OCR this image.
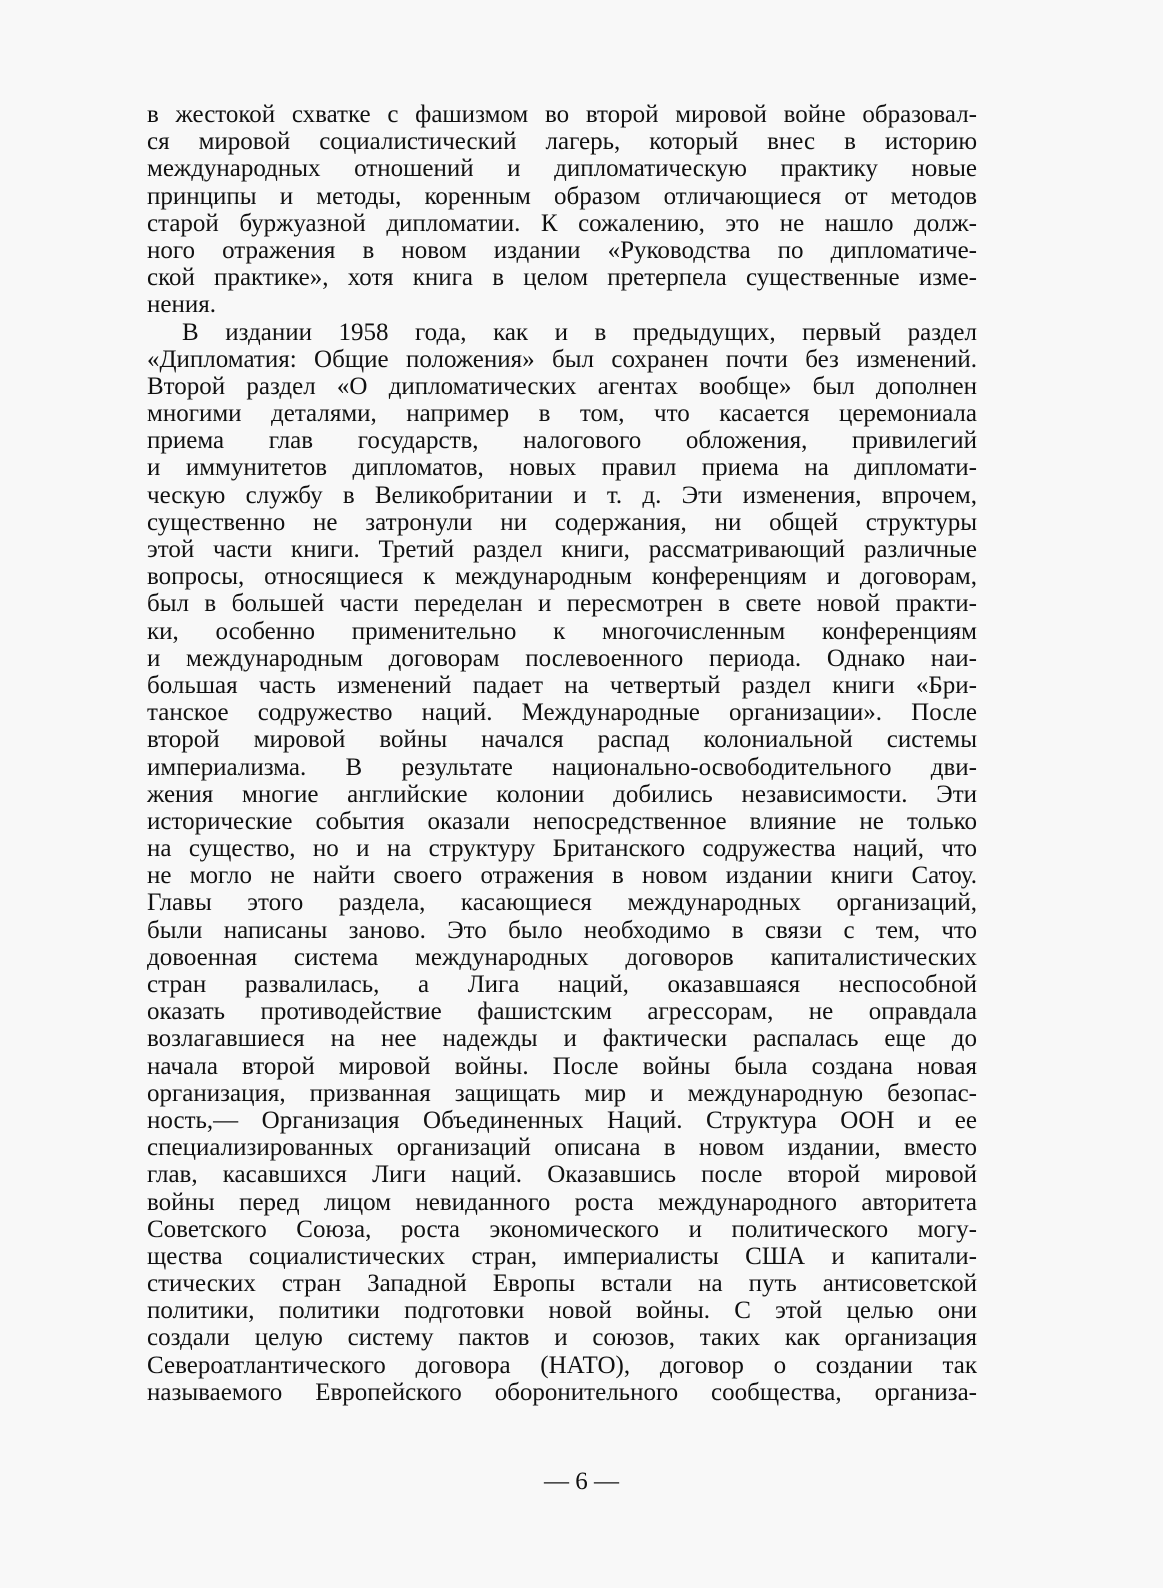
в жестокой схватке с фашизмом во второй мировой войне образовал-
ся мировой социалистический лагерь, который внес в историю
международных отношений и дипломатическую практику новые
принципы и методы, коренным образом отличающиеся от методов
старой буржуазной дипломатии. К сожалению, это не нашло долж-
ного отражения в новом издании «Руководства по дипломатиче-
ской практике», хотя книга в целом претерпела существенные изме-
нения.
В издании 1958 года, как и в предыдущих, первый раздел
«Дипломатия: Общие положения» был сохранен почти без изменений.
Второй раздел «О дипломатических агентах вообще» был дополнен
многими деталями, например в том, что касается церемониала
приема глав государств, налогового обложения, привилегий
и иммунитетов дипломатов, новых правил приема на дипломати-
ческую службу в Великобритании и т. д. Эти изменения, впрочем,
существенно не затронули ни содержания, ни общей структуры
этой части книги. Третий раздел книги, рассматривающий различные
вопросы, относящиеся к международным конференциям и договорам,
был в большей части переделан и пересмотрен в свете новой практи-
ки, особенно применительно к многочисленным конференциям
и международным договорам послевоенного периода. Однако наи-
большая часть изменений падает на четвертый раздел книги «Бри-
танское содружество наций. Международные организации». После
второй мировой войны начался распад колониальной системы
империализма. В результате национально-освободительного дви-
жения многие английские колонии добились независимости. Эти
исторические события оказали непосредственное влияние не только
на существо, но и на структуру Британского содружества наций, что
не могло не найти своего отражения в новом издании книги Сатоу.
Главы этого раздела, касающиеся международных организаций,
были написаны заново. Это было необходимо в связи с тем, что
довоенная система международных договоров капиталистических
стран развалилась, а Лига наций, оказавшаяся неспособной
оказать противодействие фашистским агрессорам, не оправдала
возлагавшиеся на нее надежды и фактически распалась еще до
начала второй мировой войны. После войны была создана новая
организация, призванная защищать мир и международную безопас-
ность,— Организация Объединенных Наций. Структура ООН и ее
специализированных организаций описана в новом издании, вместо
глав, касавшихся Лиги наций. Оказавшись после второй мировой
войны перед лицом невиданного роста международного авторитета
Советского Союза, роста экономического и политического могу-
щества социалистических стран, империалисты США и капитали-
стических стран Западной Европы встали на путь антисоветской
политики, политики подготовки новой войны. С этой целью они
создали целую систему пактов и союзов, таких как организация
Североатлантического договора (НАТО), договор о создании так
называемого Европейского оборонительного сообщества, организа-
— 6 —
